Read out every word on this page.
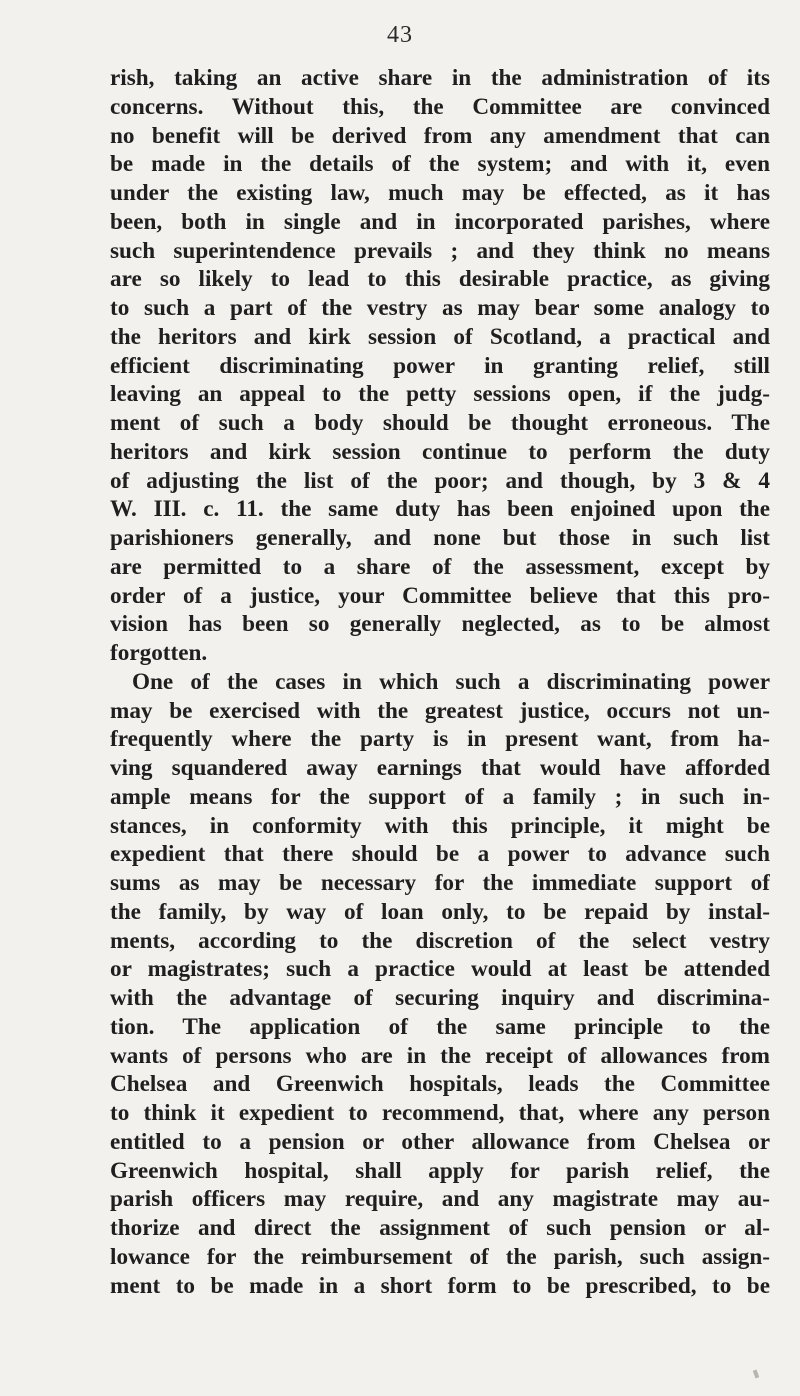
43
rish, taking an active share in the administration of its
concerns. Without this, the Committee are convinced
no benefit will be derived from any amendment that can
be made in the details of the system; and with it, even
under the existing law, much may be effected, as it has
been, both in single and in incorporated parishes, where
such superintendence prevails ; and they think no means
are so likely to lead to this desirable practice, as giving
to such a part of the vestry as may bear some analogy to
the heritors and kirk session of Scotland, a practical and
efficient discriminating power in granting relief, still
leaving an appeal to the petty sessions open, if the judg-
ment of such a body should be thought erroneous. The
heritors and kirk session continue to perform the duty
of adjusting the list of the poor; and though, by 3 & 4
W. III. c. 11. the same duty has been enjoined upon the
parishioners generally, and none but those in such list
are permitted to a share of the assessment, except by
order of a justice, your Committee believe that this pro-
vision has been so generally neglected, as to be almost
forgotten.
One of the cases in which such a discriminating power
may be exercised with the greatest justice, occurs not un-
frequently where the party is in present want, from ha-
ving squandered away earnings that would have afforded
ample means for the support of a family ; in such in-
stances, in conformity with this principle, it might be
expedient that there should be a power to advance such
sums as may be necessary for the immediate support of
the family, by way of loan only, to be repaid by instal-
ments, according to the discretion of the select vestry
or magistrates; such a practice would at least be attended
with the advantage of securing inquiry and discrimina-
tion. The application of the same principle to the
wants of persons who are in the receipt of allowances from
Chelsea and Greenwich hospitals, leads the Committee
to think it expedient to recommend, that, where any person
entitled to a pension or other allowance from Chelsea or
Greenwich hospital, shall apply for parish relief, the
parish officers may require, and any magistrate may au-
thorize and direct the assignment of such pension or al-
lowance for the reimbursement of the parish, such assign-
ment to be made in a short form to be prescribed, to be
